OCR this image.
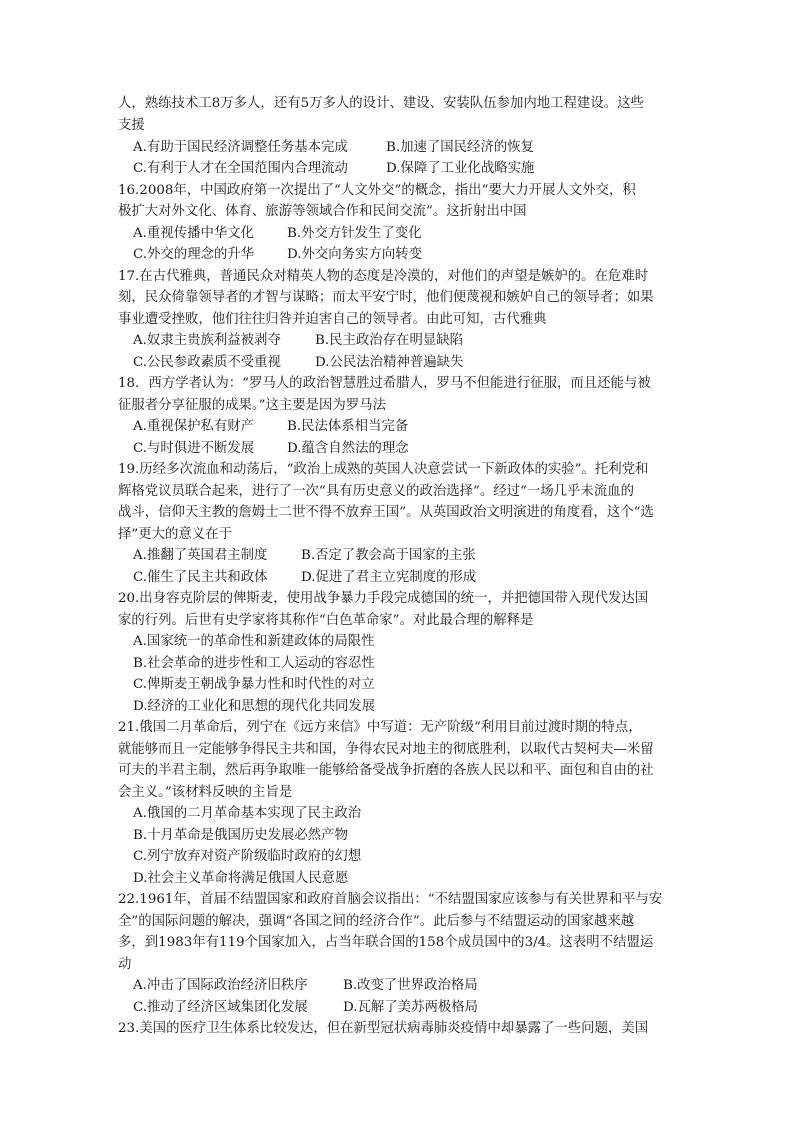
人，熟练技术工8万多人，还有5万多人的设计、建设、安装队伍参加内地工程建设。这些
支援
A.有助于国民经济调整任务基本完成	B.加速了国民经济的恢复
C.有利于人才在全国范围内合理流动	D.保障了工业化战略实施
16.2008年，中国政府第一次提出了“人文外交”的概念，指出“要大力开展人文外交，积
极扩大对外文化、体育、旅游等领域合作和民间交流”。这折射出中国
A.重视传播中华文化 B.外交方针发生了变化
C.外交的理念的升华 D.外交向务实方向转变
17.在古代雅典，普通民众对精英人物的态度是冷漠的，对他们的声望是嫉妒的。在危难时
刻，民众倚靠领导者的才智与谋略；而太平安宁时，他们便蔑视和嫉妒自己的领导者；如果
事业遭受挫败，他们往往归咎并迫害自己的领导者。由此可知，古代雅典
A.奴隶主贵族利益被剥夺	B.民主政治存在明显缺陷
C.公民参政素质不受重视	D.公民法治精神普遍缺失
18．西方学者认为：“罗马人的政治智慧胜过希腊人，罗马不但能进行征服，而且还能与被
征服者分享征服的成果。”这主要是因为罗马法
A.重视保护私有财产 B.民法体系相当完备
C.与时俱进不断发展 D.蕴含自然法的理念
19.历经多次流血和动荡后，“政治上成熟的英国人决意尝试一下新政体的实验”。托利党和
辉格党议员联合起来，进行了一次“具有历史意义的政治选择”。经过“一场几乎未流血的
战斗，信仰天主教的詹姆士二世不得不放弃王国”。从英国政治文明演进的角度看，这个“选
择”更大的意义在于
A.推翻了英国君主制度	B.否定了教会高于国家的主张
C.催生了民主共和政体 D.促进了君主立宪制度的形成
20.出身容克阶层的俾斯麦，使用战争暴力手段完成德国的统一，并把德国带入现代发达国
家的行列。后世有史学家将其称作“白色革命家”。对此最合理的解释是
A.国家统一的革命性和新建政体的局限性
B.社会革命的进步性和工人运动的容忍性
C.俾斯麦王朝战争暴力性和时代性的对立
D.经济的工业化和思想的现代化共同发展
21.俄国二月革命后，列宁在《远方来信》中写道：无产阶级“利用目前过渡时期的特点，
就能够而且一定能够争得民主共和国，争得农民对地主的彻底胜利，以取代古契柯夫—米留
可夫的半君主制，然后再争取唯一能够给备受战争折磨的各族人民以和平、面包和自由的社
会主义。”该材料反映的主旨是
A.俄国的二月革命基本实现了民主政治
B.十月革命是俄国历史发展必然产物
C.列宁放弃对资产阶级临时政府的幻想
D.社会主义革命将满足俄国人民意愿
22.1961年，首届不结盟国家和政府首脑会议指出：“不结盟国家应该参与有关世界和平与安
全”的国际问题的解决，强调“各国之间的经济合作”。此后参与不结盟运动的国家越来越
多，到1983年有119个国家加入，占当年联合国的158个成员国中的3/4。这表明不结盟运
动
A.冲击了国际政治经济旧秩序	B.改变了世界政治格局
C.推动了经济区域集团化发展	D.瓦解了美苏两极格局
23.美国的医疗卫生体系比较发达，但在新型冠状病毒肺炎疫情中却暴露了一些问题，美国
